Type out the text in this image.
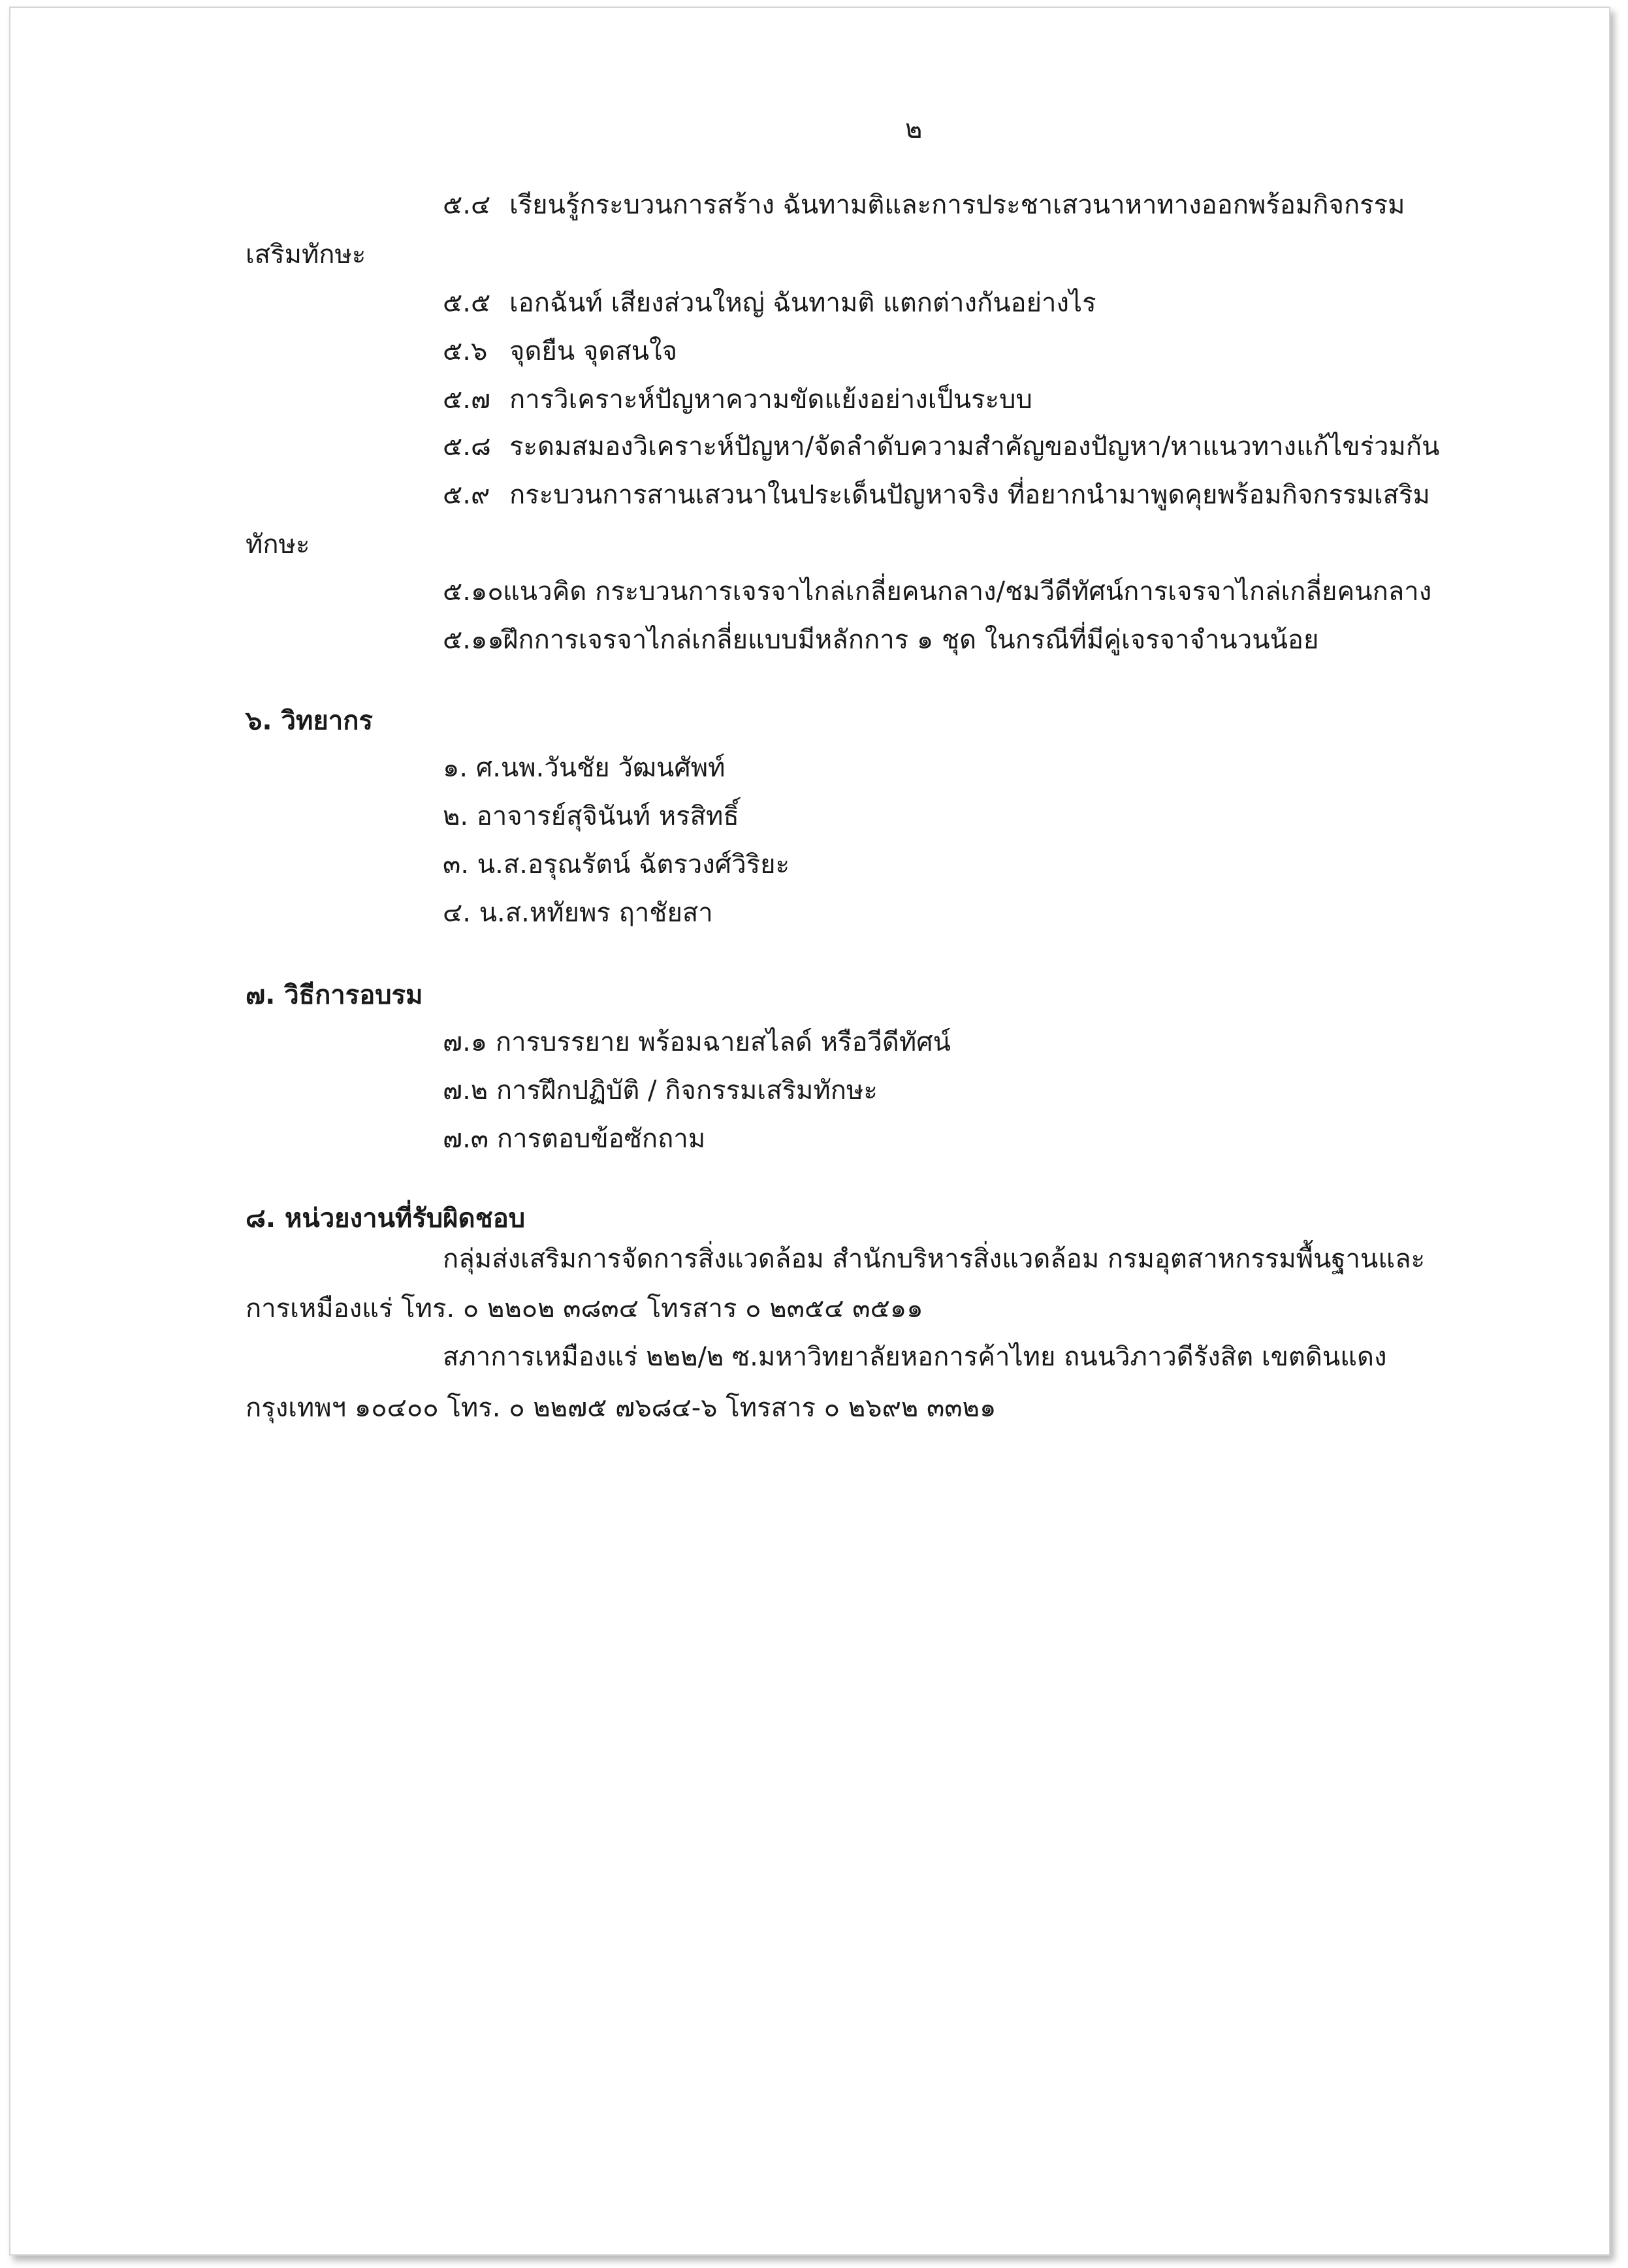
๒
๕.๔ เรียนรู้กระบวนการสร้าง ฉันทามติและการประชาเสวนาหาทางออกพร้อมกิจกรรม
เสริมทักษะ
๕.๕ เอกฉันท์ เสียงส่วนใหญ่ ฉันทามติ แตกต่างกันอย่างไร
๕.๖ จุดยืน จุดสนใจ
๕.๗ การวิเคราะห์ปัญหาความขัดแย้งอย่างเป็นระบบ
๕.๘ ระดมสมองวิเคราะห์ปัญหา/จัดลำดับความสำคัญของปัญหา/หาแนวทางแก้ไขร่วมกัน
๕.๙ กระบวนการสานเสวนาในประเด็นปัญหาจริง ที่อยากนำมาพูดคุยพร้อมกิจกรรมเสริม
ทักษะ
๕.๑๐แนวคิด กระบวนการเจรจาไกล่เกลี่ยคนกลาง/ชมวีดีทัศน์การเจรจาไกล่เกลี่ยคนกลาง
๕.๑๑ฝึกการเจรจาไกล่เกลี่ยแบบมีหลักการ ๑ ชุด ในกรณีที่มีคู่เจรจาจำนวนน้อย
๖. วิทยากร
๑. ศ.นพ.วันชัย วัฒนศัพท์
๒. อาจารย์สุจินันท์ หรสิทธิ์
๓. น.ส.อรุณรัตน์ ฉัตรวงศ์วิริยะ
๔. น.ส.หทัยพร ฤาชัยสา
๗. วิธีการอบรม
๗.๑ การบรรยาย พร้อมฉายสไลด์ หรือวีดีทัศน์
๗.๒ การฝึกปฏิบัติ / กิจกรรมเสริมทักษะ
๗.๓ การตอบข้อซักถาม
๘. หน่วยงานที่รับผิดชอบ
กลุ่มส่งเสริมการจัดการสิ่งแวดล้อม สำนักบริหารสิ่งแวดล้อม กรมอุตสาหกรรมพื้นฐานและ
การเหมืองแร่ โทร. ๐ ๒๒๐๒ ๓๘๓๔ โทรสาร ๐ ๒๓๕๔ ๓๕๑๑
สภาการเหมืองแร่ ๒๒๒/๒ ซ.มหาวิทยาลัยหอการค้าไทย ถนนวิภาวดีรังสิต เขตดินแดง
กรุงเทพฯ ๑๐๔๐๐ โทร. ๐ ๒๒๗๕ ๗๖๘๔-๖ โทรสาร ๐ ๒๖๙๒ ๓๓๒๑
